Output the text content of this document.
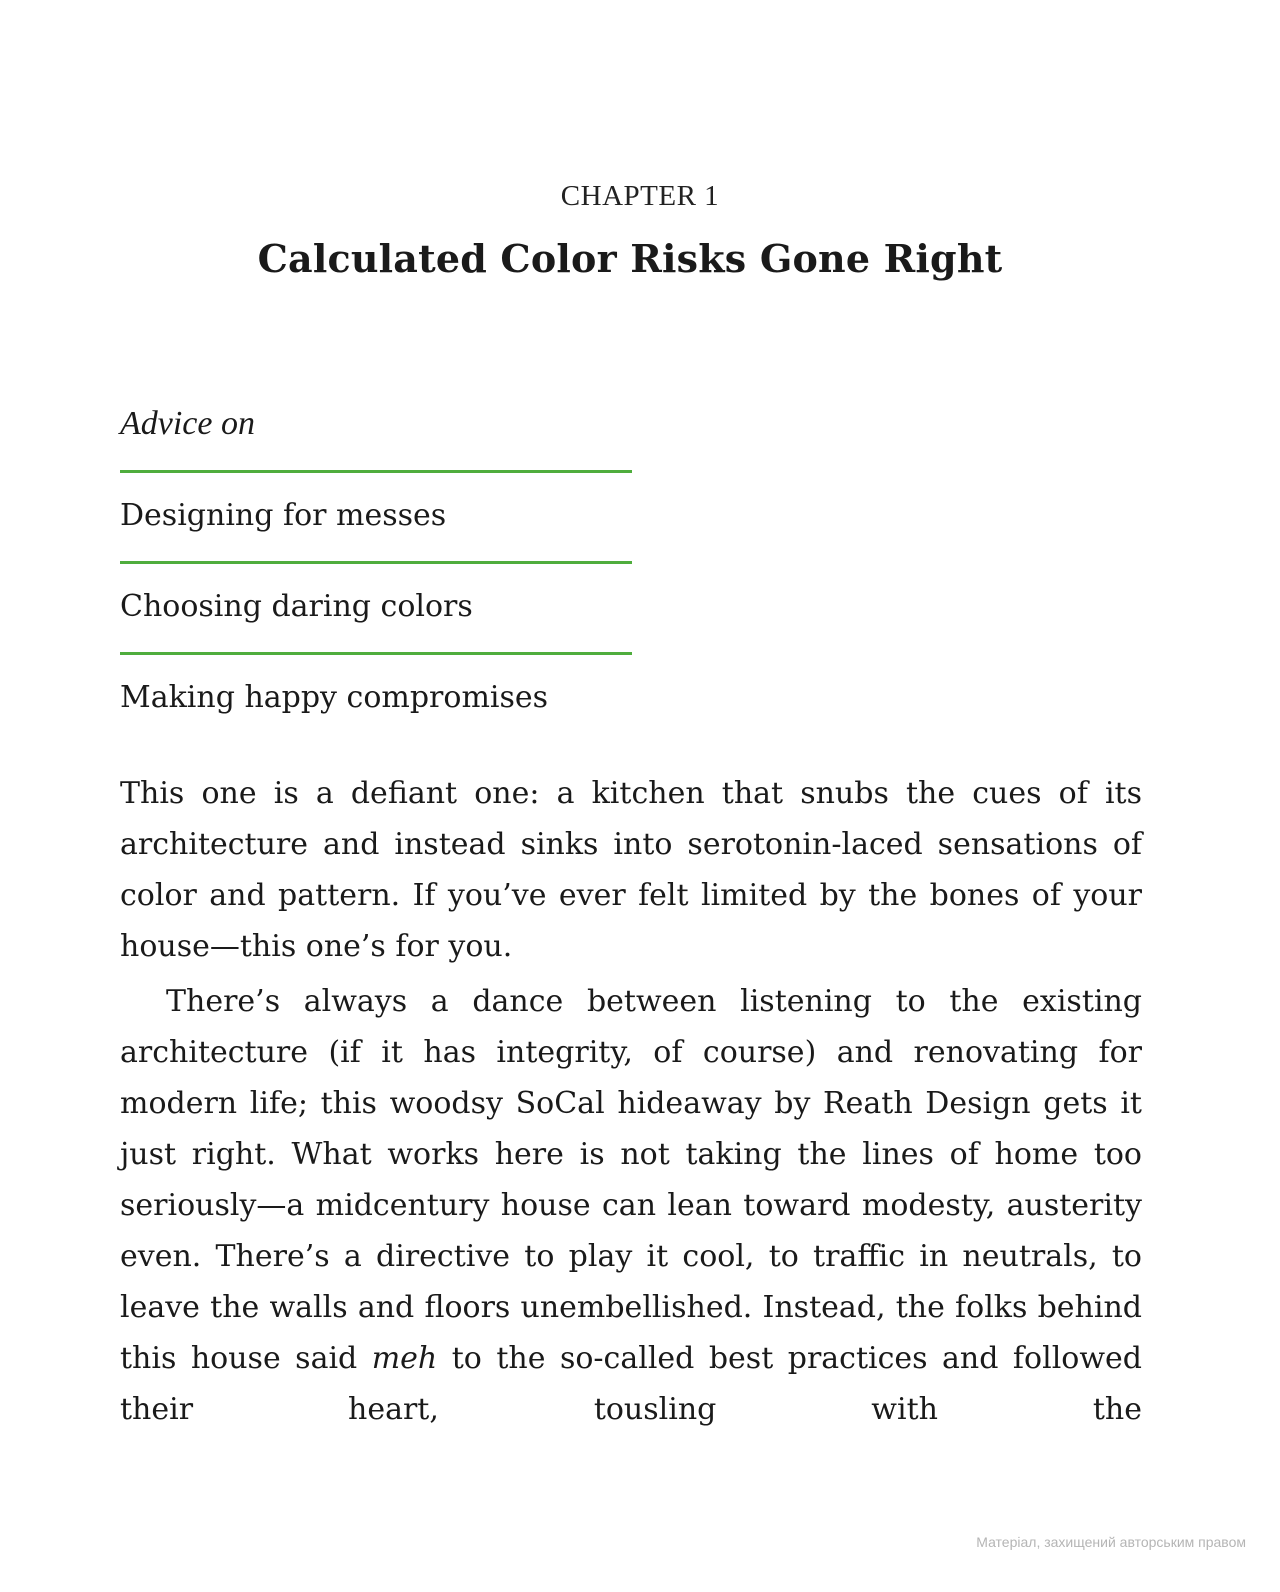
CHAPTER 1
Calculated Color Risks Gone Right
Advice on
Designing for messes
Choosing daring colors
Making happy compromises

This one is a defiant one: a kitchen that snubs the cues of its architecture and instead sinks into serotonin-laced sensations of color and pattern. If you’ve ever felt limited by the bones of your house—this one’s for you.

There’s always a dance between listening to the existing architecture (if it has integrity, of course) and renovating for modern life; this woodsy SoCal hideaway by Reath Design gets it just right. What works here is not taking the lines of home too seriously—a midcentury house can lean toward modesty, austerity even. There’s a directive to play it cool, to traffic in neutrals, to leave the walls and floors unembellished. Instead, the folks behind this house said meh to the so-called best practices and followed their heart, tousling with the

Матеріал, захищений авторським правом
